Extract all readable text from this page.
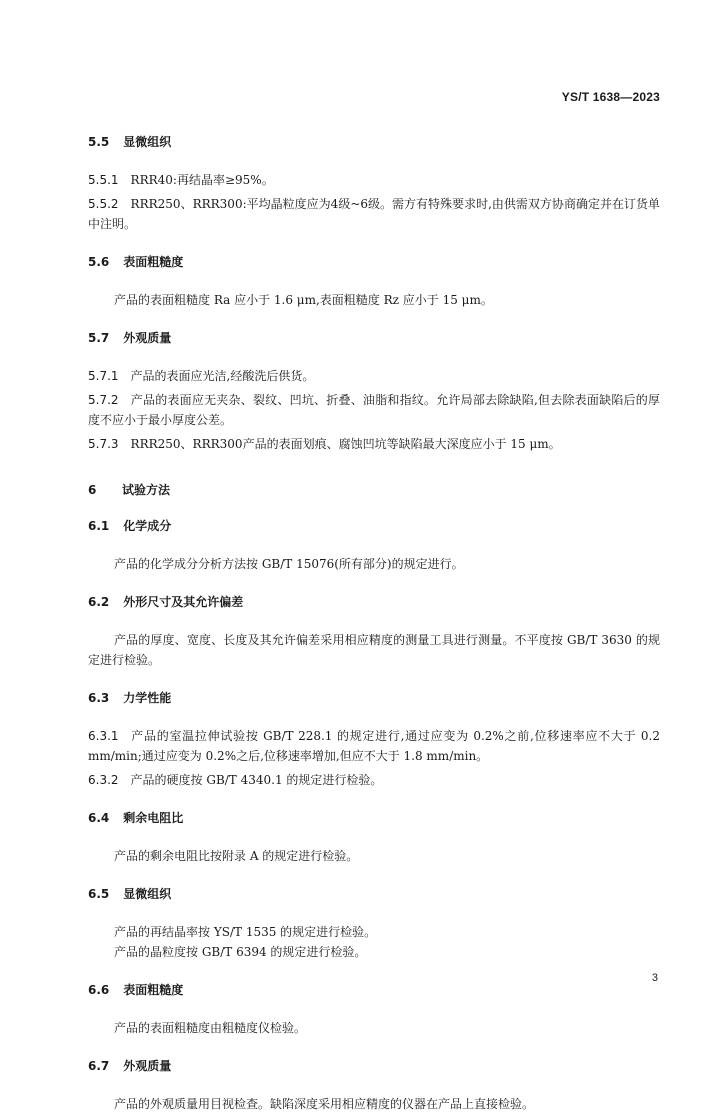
YS/T 1638—2023
5.5 显微组织
5.5.1 RRR40:再结晶率≥95%。
5.5.2 RRR250、RRR300:平均晶粒度应为4级~6级。需方有特殊要求时,由供需双方协商确定并在订货单中注明。
5.6 表面粗糙度
产品的表面粗糙度 Ra 应小于 1.6 μm,表面粗糙度 Rz 应小于 15 μm。
5.7 外观质量
5.7.1 产品的表面应光洁,经酸洗后供货。
5.7.2 产品的表面应无夹杂、裂纹、凹坑、折叠、油脂和指纹。允许局部去除缺陷,但去除表面缺陷后的厚度不应小于最小厚度公差。
5.7.3 RRR250、RRR300产品的表面划痕、腐蚀凹坑等缺陷最大深度应小于 15 μm。
6	试验方法
6.1 化学成分
产品的化学成分分析方法按 GB/T 15076(所有部分)的规定进行。
6.2 外形尺寸及其允许偏差
产品的厚度、宽度、长度及其允许偏差采用相应精度的测量工具进行测量。不平度按 GB/T 3630 的规定进行检验。
6.3 力学性能
6.3.1 产品的室温拉伸试验按 GB/T 228.1 的规定进行,通过应变为 0.2%之前,位移速率应不大于 0.2 mm/min;通过应变为 0.2%之后,位移速率增加,但应不大于 1.8 mm/min。
6.3.2 产品的硬度按 GB/T 4340.1 的规定进行检验。
6.4 剩余电阻比
产品的剩余电阻比按附录 A 的规定进行检验。
6.5 显微组织
产品的再结晶率按 YS/T 1535 的规定进行检验。
产品的晶粒度按 GB/T 6394 的规定进行检验。
6.6 表面粗糙度
产品的表面粗糙度由粗糙度仪检验。
6.7 外观质量
产品的外观质量用目视检查。缺陷深度采用相应精度的仪器在产品上直接检验。
3
